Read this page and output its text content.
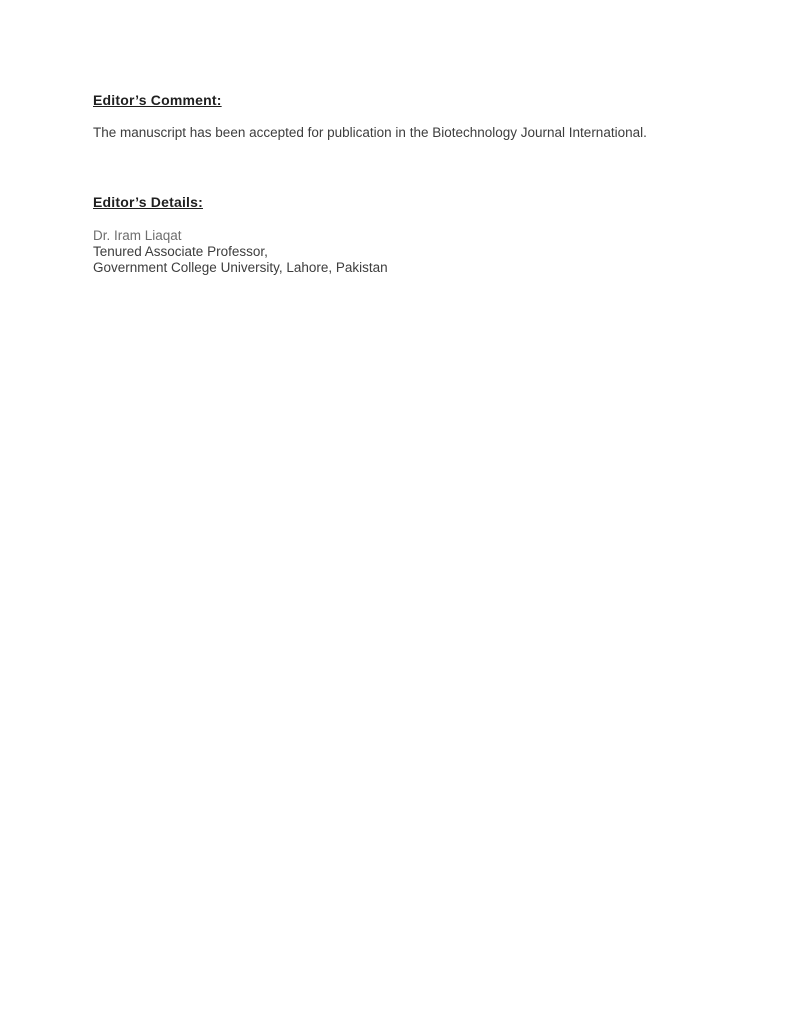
Editor’s Comment:

The manuscript has been accepted for publication in the Biotechnology Journal International.

Editor’s Details:

Dr. Iram Liaqat

Tenured Associate Professor,

Government College University, Lahore, Pakistan
